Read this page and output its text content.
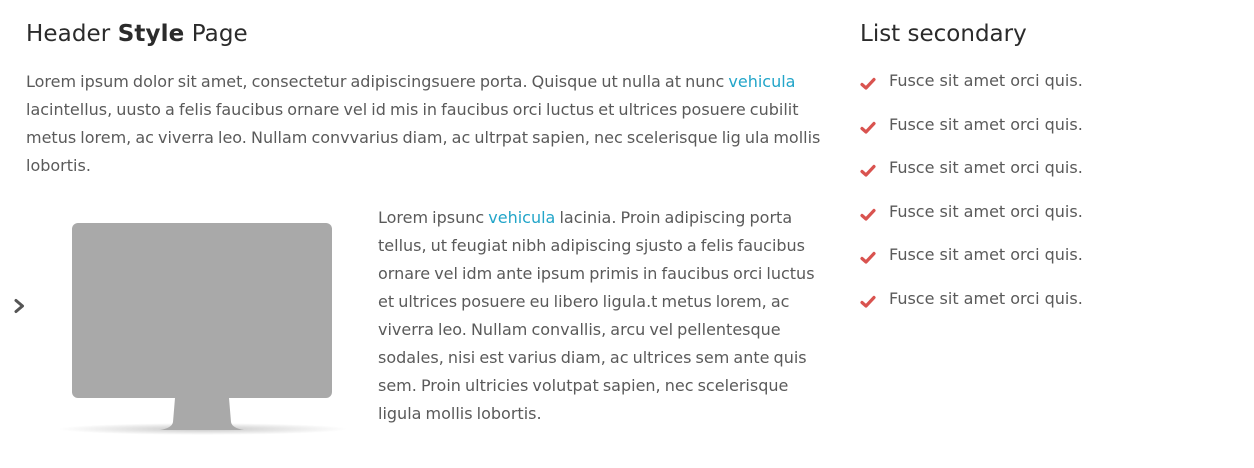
Header Style Page

Lorem ipsum dolor sit amet, consectetur adipiscingsuere porta. Quisque ut nulla at nunc vehicula lacintellus, uusto a felis faucibus ornare vel id mis in faucibus orci luctus et ultrices posuere cubilit metus lorem, ac viverra leo. Nullam convvarius diam, ac ultrpat sapien, nec scelerisque lig ula mollis lobortis.

Lorem ipsunc vehicula lacinia. Proin adipiscing porta tellus, ut feugiat nibh adipiscing sjusto a felis faucibus ornare vel idm ante ipsum primis in faucibus orci luctus et ultrices posuere eu libero ligula.t metus lorem, ac viverra leo. Nullam convallis, arcu vel pellentesque sodales, nisi est varius diam, ac ultrices sem ante quis sem. Proin ultricies volutpat sapien, nec scelerisque ligula mollis lobortis.

List secondary
Fusce sit amet orci quis.
Fusce sit amet orci quis.
Fusce sit amet orci quis.
Fusce sit amet orci quis.
Fusce sit amet orci quis.
Fusce sit amet orci quis.
